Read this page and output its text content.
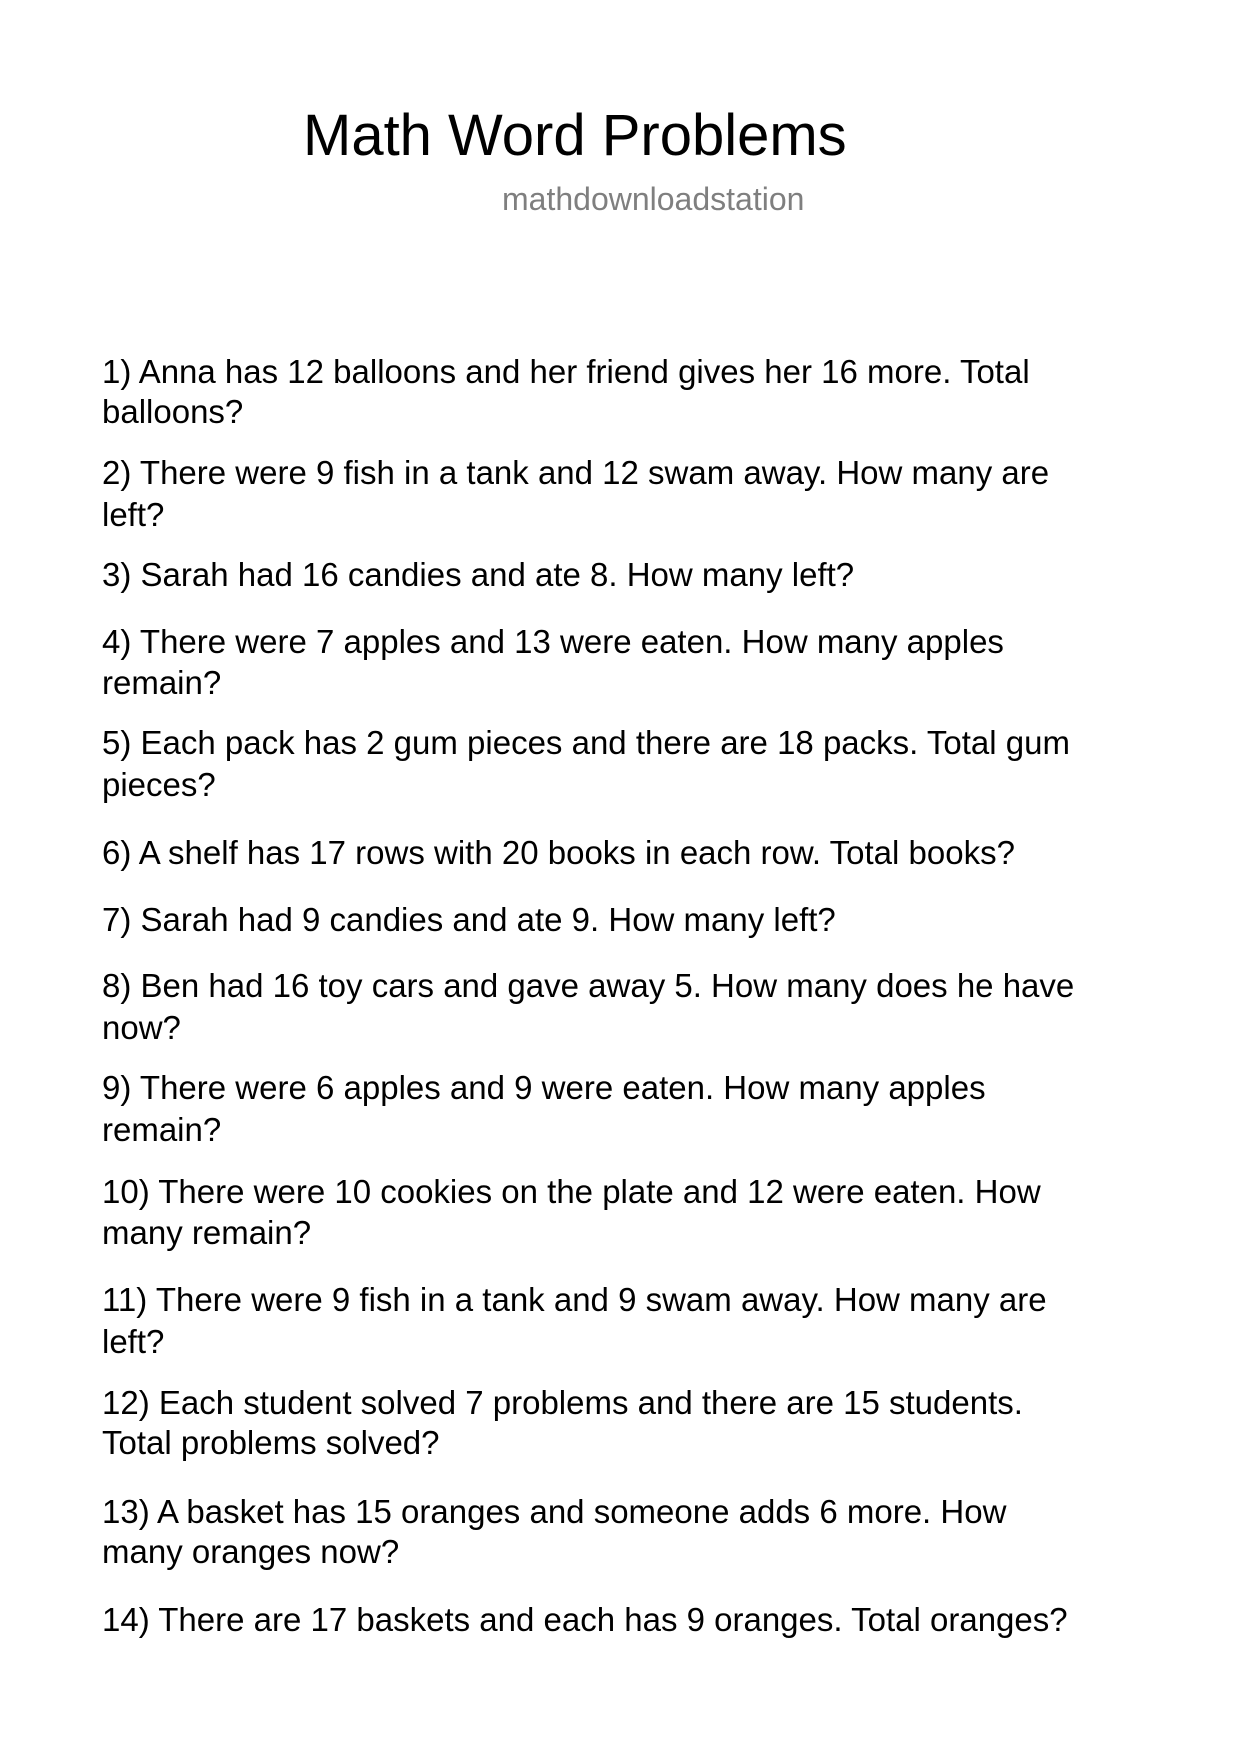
Math Word Problems
mathdownloadstation
1) Anna has 12 balloons and her friend gives her 16 more. Total
balloons?
2) There were 9 fish in a tank and 12 swam away. How many are
left?
3) Sarah had 16 candies and ate 8. How many left?
4) There were 7 apples and 13 were eaten. How many apples
remain?
5) Each pack has 2 gum pieces and there are 18 packs. Total gum
pieces?
6) A shelf has 17 rows with 20 books in each row. Total books?
7) Sarah had 9 candies and ate 9. How many left?
8) Ben had 16 toy cars and gave away 5. How many does he have
now?
9) There were 6 apples and 9 were eaten. How many apples
remain?
10) There were 10 cookies on the plate and 12 were eaten. How
many remain?
11) There were 9 fish in a tank and 9 swam away. How many are
left?
12) Each student solved 7 problems and there are 15 students.
Total problems solved?
13) A basket has 15 oranges and someone adds 6 more. How
many oranges now?
14) There are 17 baskets and each has 9 oranges. Total oranges?
